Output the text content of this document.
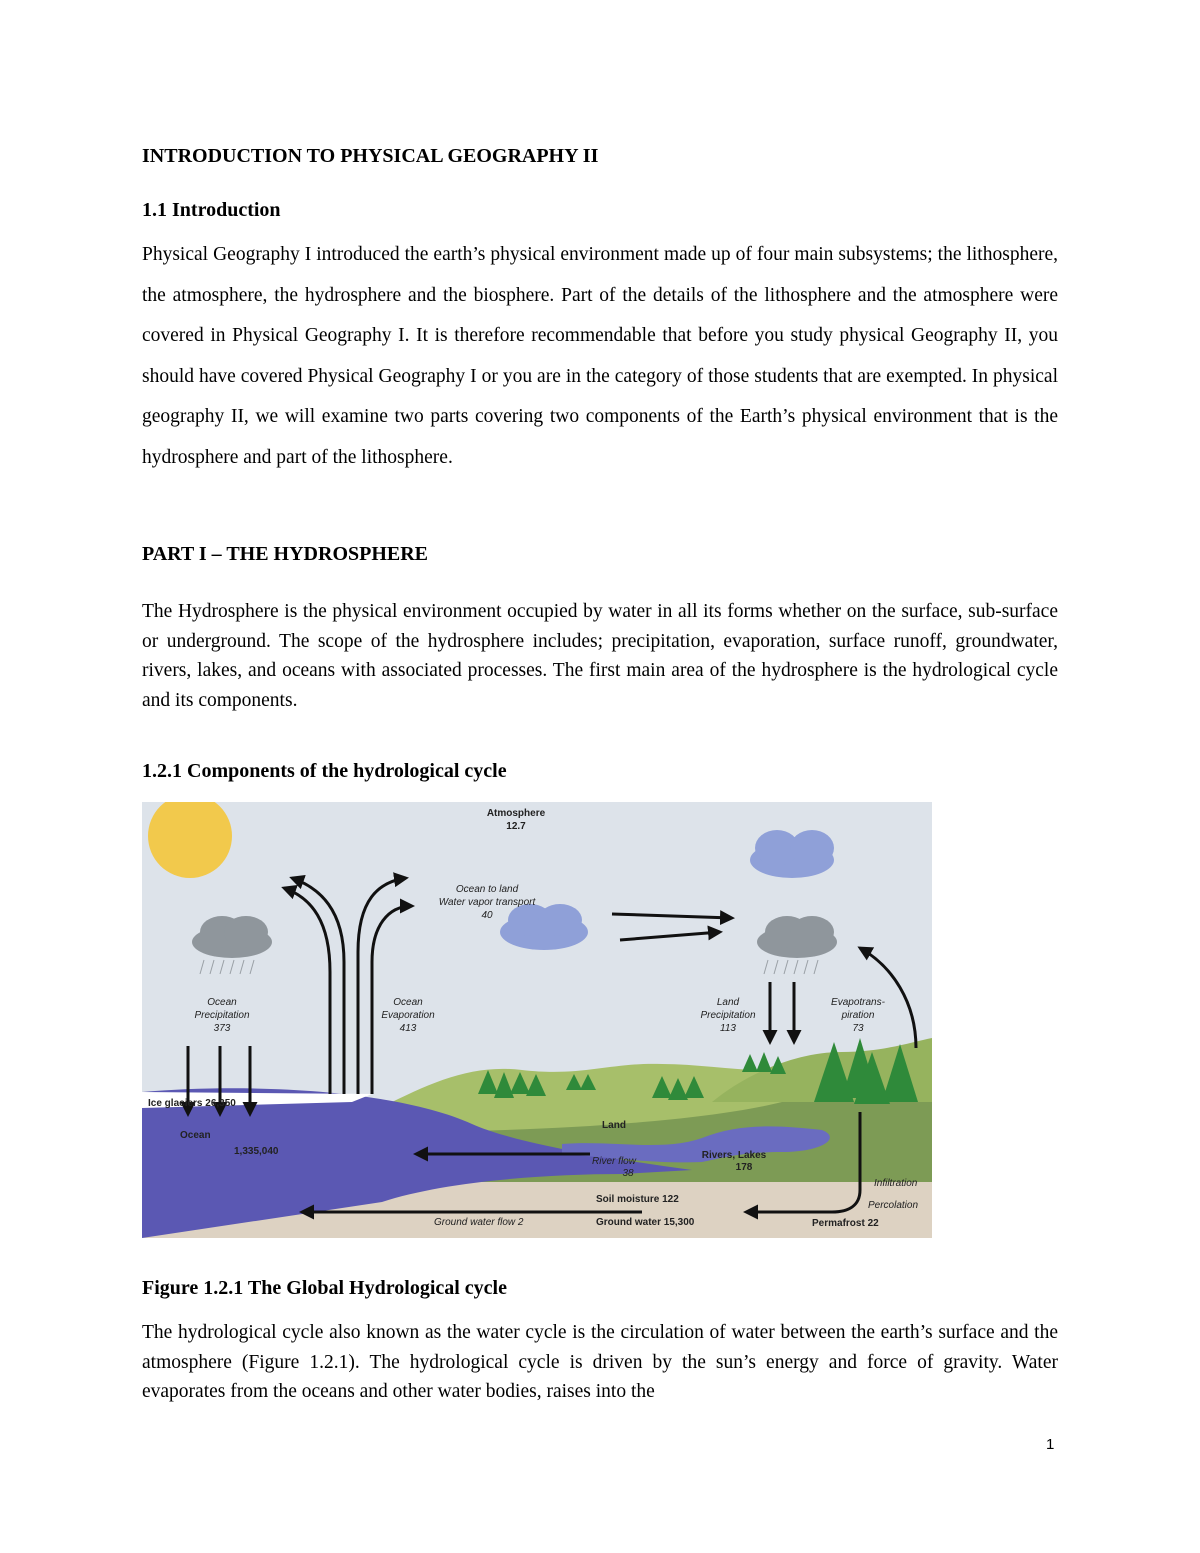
INTRODUCTION TO PHYSICAL GEOGRAPHY II
1.1 Introduction
Physical Geography I introduced the earth’s physical environment made up of four main subsystems; the lithosphere, the atmosphere, the hydrosphere and the biosphere. Part of the details of the lithosphere and the atmosphere were covered in Physical Geography I. It is therefore recommendable that before you study physical Geography II, you should have covered Physical Geography I or you are in the category of those students that are exempted. In physical geography II, we will examine two parts covering two components of the Earth’s physical environment that is the hydrosphere and part of the lithosphere.
PART I – THE HYDROSPHERE
The Hydrosphere is the physical environment occupied by water in all its forms whether on the surface, sub-surface or underground. The scope of the hydrosphere includes; precipitation, evaporation, surface runoff, groundwater, rivers, lakes, and oceans with associated processes. The first main area of the hydrosphere is the hydrological cycle and its components.
1.2.1 Components of the hydrological cycle
Atmosphere
12.7
Ocean to land
Water vapor transport
40
Ocean
Precipitation
373
Ocean
Evaporation
413
Land
Precipitation
113
Evapotrans-
piration
73
Ice glaciers 26,350
Ocean
1,335,040
Land
River flow
38
Rivers, Lakes
178
Soil moisture 122
Ground water flow 2	Ground water 15,300
Infiltration
Percolation
Permafrost 22
Figure 1.2.1 The Global Hydrological cycle
The hydrological cycle also known as the water cycle is the circulation of water between the earth’s surface and the atmosphere (Figure 1.2.1). The hydrological cycle is driven by the sun’s energy and force of gravity. Water evaporates from the oceans and other water bodies, raises into the
1
